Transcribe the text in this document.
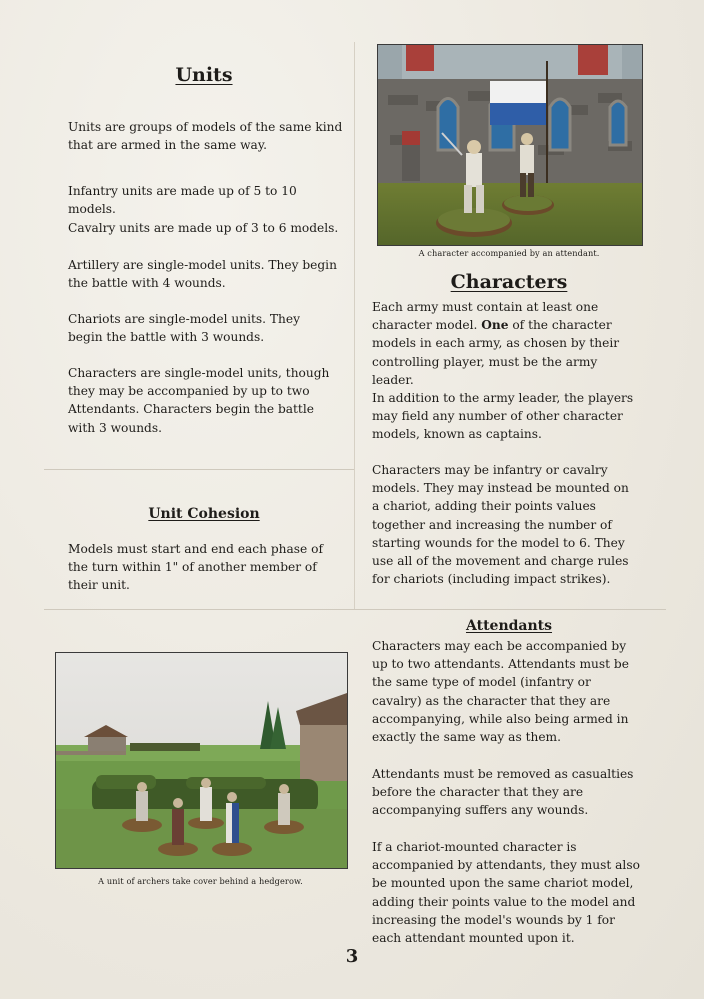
Units

Units are groups of models of the same kind that are armed in the same way.

Infantry units are made up of 5 to 10 models.

Cavalry units are made up of 3 to 6 models.

Artillery are single-model units. They begin the battle with 4 wounds.

Chariots are single-model units. They begin the battle with 3 wounds.

Characters are single-model units, though they may be accompanied by up to two Attendants. Characters begin the battle with 3 wounds.

Unit Cohesion

Models must start and end each phase of the turn within 1" of another member of their unit.

A character accompanied by an attendant.

Characters

Each army must contain at least one character model. One of the character models in each army, as chosen by their controlling player, must be the army leader.

In addition to the army leader, the players may field any number of other character models, known as captains.

Characters may be infantry or cavalry models. They may instead be mounted on a chariot, adding their points values together and increasing the number of starting wounds for the model to 6. They use all of the movement and charge rules for chariots (including impact strikes).

A unit of archers take cover behind a hedgerow.

Attendants

Characters may each be accompanied by up to two attendants. Attendants must be the same type of model (infantry or cavalry) as the character that they are accompanying, while also being armed in exactly the same way as them.

Attendants must be removed as casualties before the character that they are accompanying suffers any wounds.

If a chariot-mounted character is accompanied by attendants, they must also be mounted upon the same chariot model, adding their points value to the model and increasing the model's wounds by 1 for each attendant mounted upon it.

3
